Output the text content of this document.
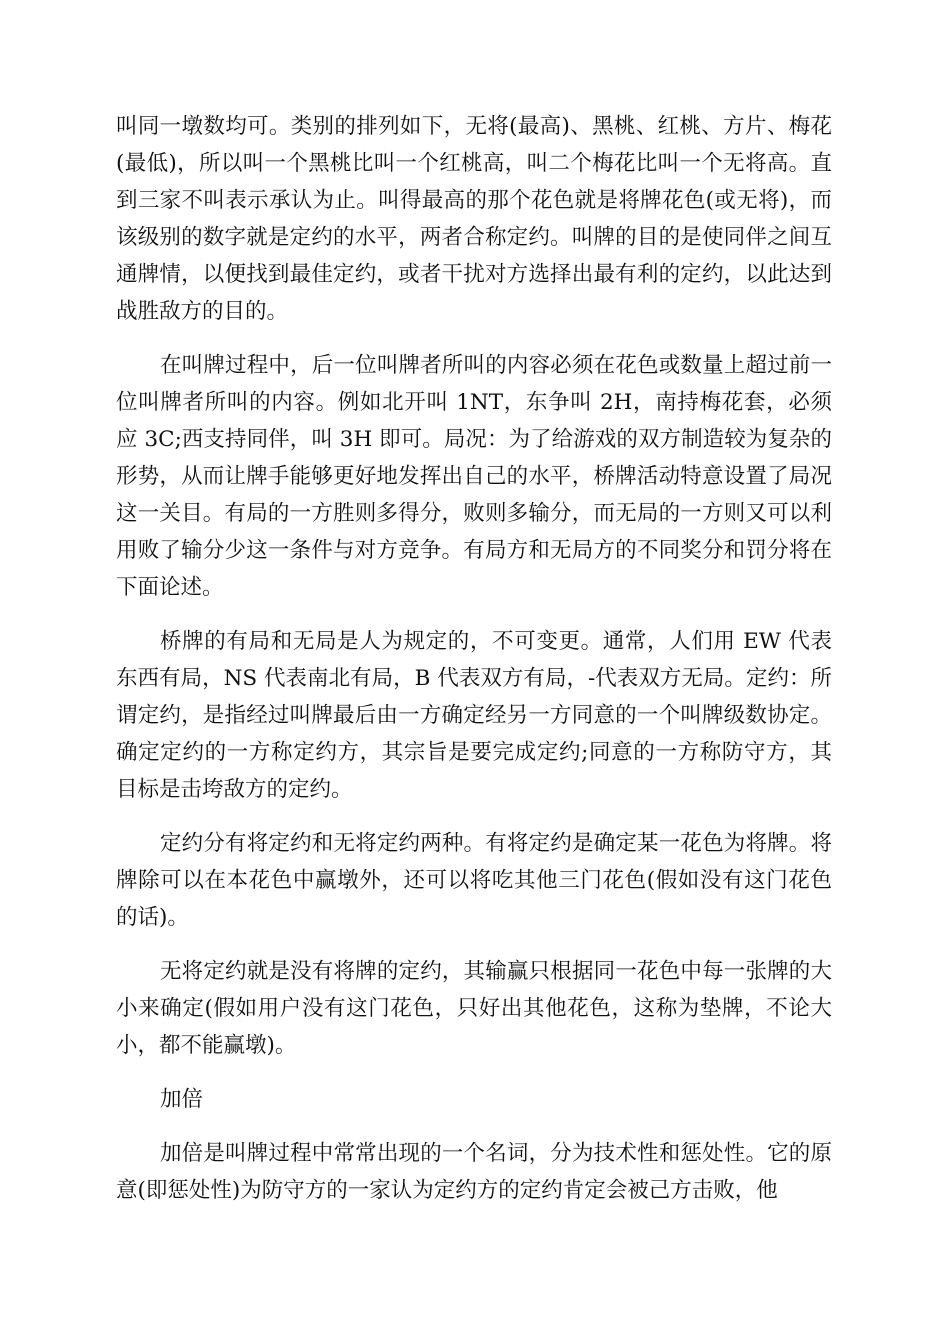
叫同一墩数均可。类别的排列如下，无将(最高)、黑桃、红桃、方片、梅花(最低)，所以叫一个黑桃比叫一个红桃高，叫二个梅花比叫一个无将高。直到三家不叫表示承认为止。叫得最高的那个花色就是将牌花色(或无将)，而该级别的数字就是定约的水平，两者合称定约。叫牌的目的是使同伴之间互通牌情，以便找到最佳定约，或者干扰对方选择出最有利的定约，以此达到战胜敌方的目的。

在叫牌过程中，后一位叫牌者所叫的内容必须在花色或数量上超过前一位叫牌者所叫的内容。例如北开叫 1NT，东争叫 2H，南持梅花套，必须应 3C;西支持同伴，叫 3H 即可。局况：为了给游戏的双方制造较为复杂的形势，从而让牌手能够更好地发挥出自己的水平，桥牌活动特意设置了局况这一关目。有局的一方胜则多得分，败则多输分，而无局的一方则又可以利用败了输分少这一条件与对方竞争。有局方和无局方的不同奖分和罚分将在下面论述。

桥牌的有局和无局是人为规定的，不可变更。通常，人们用 EW 代表东西有局，NS 代表南北有局，B 代表双方有局，-代表双方无局。定约：所谓定约，是指经过叫牌最后由一方确定经另一方同意的一个叫牌级数协定。确定定约的一方称定约方，其宗旨是要完成定约;同意的一方称防守方，其目标是击垮敌方的定约。

定约分有将定约和无将定约两种。有将定约是确定某一花色为将牌。将牌除可以在本花色中赢墩外，还可以将吃其他三门花色(假如没有这门花色的话)。

无将定约就是没有将牌的定约，其输赢只根据同一花色中每一张牌的大小来确定(假如用户没有这门花色，只好出其他花色，这称为垫牌，不论大小，都不能赢墩)。

加倍

加倍是叫牌过程中常常出现的一个名词，分为技术性和惩处性。它的原意(即惩处性)为防守方的一家认为定约方的定约肯定会被己方击败，他
